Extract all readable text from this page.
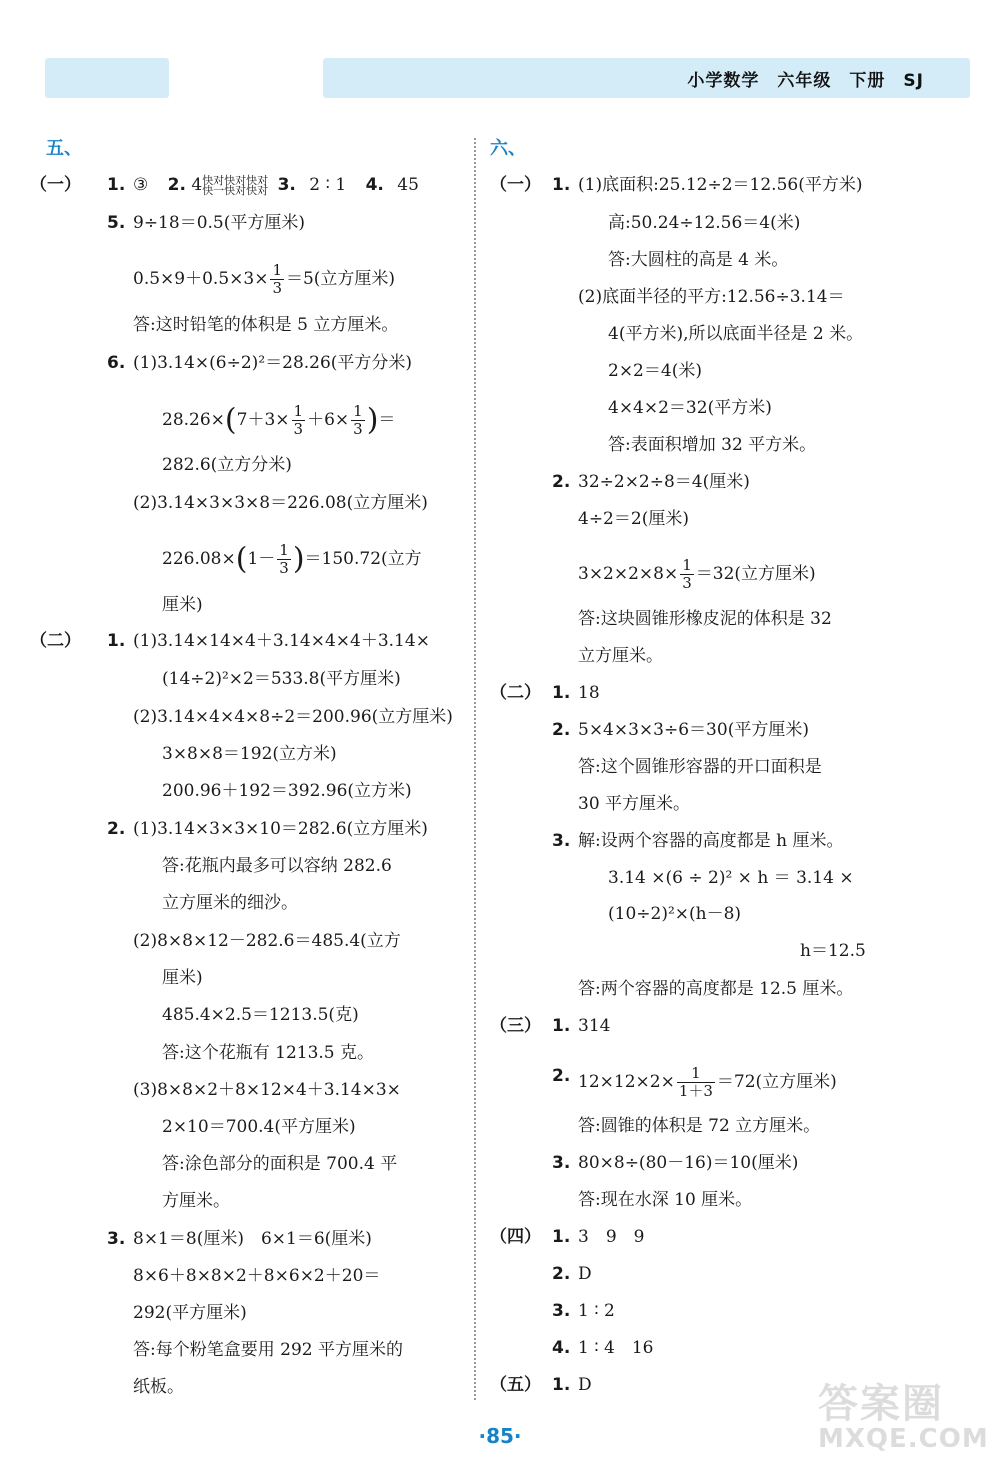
小学数学　六年级　下册　SJ
五、
（一） 1. ③ 2. 4快对快对快对
快一快对快对 3. 2 ∶ 1 4. 45
5. 9÷18＝0.5(平方厘米)
$0.5\times 9+0.5\times 3\times \frac{1}{3} =5$(立方厘米)
答:这时铅笔的体积是 5 立方厘米。
6. (1)3.14×(6÷2)²＝28.26(平方分米)
$28.26\times(7+3\times \frac{1}{3} +6\times \frac{1}{3}$ )＝
282.6(立方分米)
(2)3.14×3×3×8＝226.08(立方厘米)
$226.08\times(1- \frac{1}{3} )=150.72$(立方
厘米)
（二） 1. (1)3.14×14×4＋3.14×4×4＋3.14×
(14÷2)²×2＝533.8(平方厘米)
(2)3.14×4×4×8÷2＝200.96(立方厘米)
3×8×8＝192(立方米)
200.96＋192＝392.96(立方米)
2. (1)3.14×3×3×10＝282.6(立方厘米)
答:花瓶内最多可以容纳 282.6
立方厘米的细沙。
(2)8×8×12－282.6＝485.4(立方
厘米)
485.4×2.5＝1213.5(克)
答:这个花瓶有 1213.5 克。
(3)8×8×2＋8×12×4＋3.14×3×
2×10＝700.4(平方厘米)
答:涂色部分的面积是 700.4 平
方厘米。
3. 8×1＝8(厘米)　6×1＝6(厘米)
8×6＋8×8×2＋8×6×2＋20＝
292(平方厘米)
答:每个粉笔盒要用 292 平方厘米的
纸板。
六、
（一） 1. (1)底面积:25.12÷2＝12.56(平方米)
高:50.24÷12.56＝4(米)
答:大圆柱的高是 4 米。
(2)底面半径的平方:12.56÷3.14＝
4(平方米),所以底面半径是 2 米。
2×2＝4(米)
4×4×2＝32(平方米)
答:表面积增加 32 平方米。
2. 32÷2×2÷8＝4(厘米)
4÷2＝2(厘米)
$3\times 2\times 2\times 8\times \frac{1}{3} =32$(立方厘米)
答:这块圆锥形橡皮泥的体积是 32
立方厘米。
（二） 1. 18
2. 5×4×3×3÷6＝30(平方厘米)
答:这个圆锥形容器的开口面积是
30 平方厘米。
3. 解:设两个容器的高度都是 h 厘米。
3.14 ×(6 ÷ 2)² × h ＝ 3.14 ×
(10÷2)²×(h－8)
h＝12.5
答:两个容器的高度都是 12.5 厘米。
（三） 1. 314
2. $12\times 12\times 2\times \frac{1}{1+3} =72$(立方厘米)
答:圆锥的体积是 72 立方厘米。
3. 80×8÷(80－16)＝10(厘米)
答:现在水深 10 厘米。
（四） 1. 3　9　9
2. D
3. 1 ∶ 2
4. 1 ∶ 4　16
（五） 1. D	答案圈
MXQE.COM
·85·
